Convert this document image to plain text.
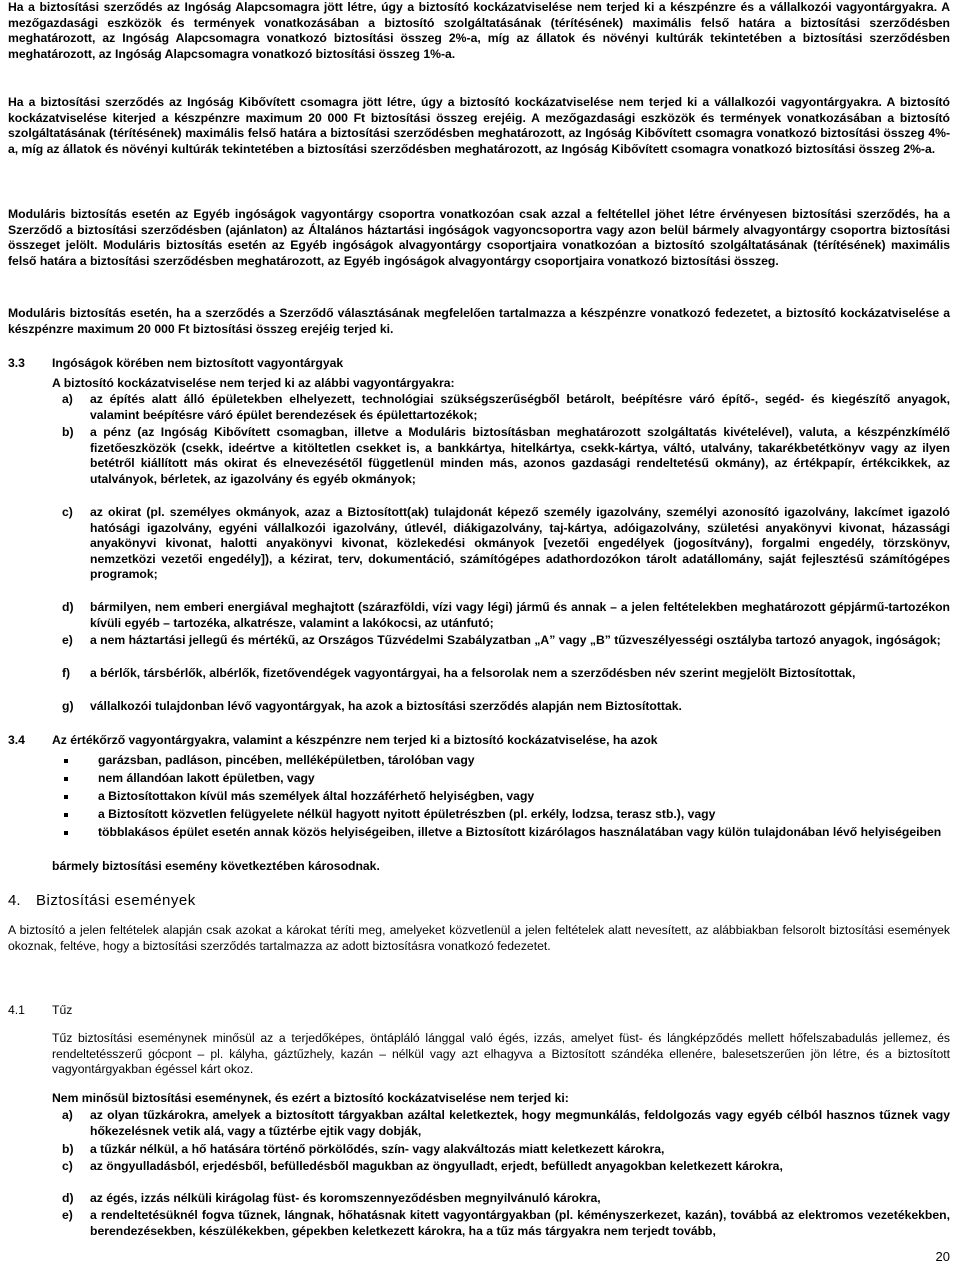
Ha a biztosítási szerződés az Ingóság Alapcsomagra jött létre, úgy a biztosító kockázatviselése nem terjed ki a készpénzre és a vállalkozói vagyontárgyakra. A mezőgazdasági eszközök és termények vonatkozásában a biztosító szolgáltatásának (térítésének) maximális felső határa a biztosítási szerződésben meghatározott, az Ingóság Alapcsomagra vonatkozó biztosítási összeg 2%-a, míg az állatok és növényi kultúrák tekintetében a biztosítási szerződésben meghatározott, az Ingóság Alapcsomagra vonatkozó biztosítási összeg 1%-a.
Ha a biztosítási szerződés az Ingóság Kibővített csomagra jött létre, úgy a biztosító kockázatviselése nem terjed ki a vállalkozói vagyontárgyakra. A biztosító kockázatviselése kiterjed a készpénzre maximum 20 000 Ft biztosítási összeg erejéig. A mezőgazdasági eszközök és termények vonatkozásában a biztosító szolgáltatásának (térítésének) maximális felső határa a biztosítási szerződésben meghatározott, az Ingóság Kibővített csomagra vonatkozó biztosítási összeg 4%-a, míg az állatok és növényi kultúrák tekintetében a biztosítási szerződésben meghatározott, az Ingóság Kibővített csomagra vonatkozó biztosítási összeg 2%-a.
Moduláris biztosítás esetén az Egyéb ingóságok vagyontárgy csoportra vonatkozóan csak azzal a feltétellel jöhet létre érvényesen biztosítási szerződés, ha a Szerződő a biztosítási szerződésben (ajánlaton) az Általános háztartási ingóságok vagyoncsoportra vagy azon belül bármely alvagyontárgy csoportra biztosítási összeget jelölt. Moduláris biztosítás esetén az Egyéb ingóságok alvagyontárgy csoportjaira vonatkozóan a biztosító szolgáltatásának (térítésének) maximális felső határa a biztosítási szerződésben meghatározott, az Egyéb ingóságok alvagyontárgy csoportjaira vonatkozó biztosítási összeg.
Moduláris biztosítás esetén, ha a szerződés a Szerződő választásának megfelelően tartalmazza a készpénzre vonatkozó fedezetet, a biztosító kockázatviselése a készpénzre maximum 20 000 Ft biztosítási összeg erejéig terjed ki.
3.3 Ingóságok körében nem biztosított vagyontárgyak
A biztosító kockázatviselése nem terjed ki az alábbi vagyontárgyakra:
a) az építés alatt álló épületekben elhelyezett, technológiai szükségszerűségből betárolt, beépítésre váró építő-, segéd- és kiegészítő anyagok, valamint beépítésre váró épület berendezések és épülettartozékok;
b) a pénz (az Ingóság Kibővített csomagban, illetve a Moduláris biztosításban meghatározott szolgáltatás kivételével), valuta, a készpénzkímélő fizetőeszközök (csekk, ideértve a kitöltetlen csekket is, a bankkártya, hitelkártya, csekk-kártya, váltó, utalvány, takarékbetétkönyv vagy az ilyen betétről kiállított más okirat és elnevezésétől függetlenül minden más, azonos gazdasági rendeltetésű okmány), az értékpapír, értékcikkek, az utalványok, bérletek, az igazolvány és egyéb okmányok;
c) az okirat (pl. személyes okmányok, azaz a Biztosított(ak) tulajdonát képező személy igazolvány, személyi azonosító igazolvány, lakcímet igazoló hatósági igazolvány, egyéni vállalkozói igazolvány, útlevél, diákigazolvány, taj-kártya, adóigazolvány, születési anyakönyvi kivonat, házassági anyakönyvi kivonat, halotti anyakönyvi kivonat, közlekedési okmányok [vezetői engedélyek (jogosítvány), forgalmi engedély, törzskönyv, nemzetközi vezetői engedély]), a kézirat, terv, dokumentáció, számítógépes adathordozókon tárolt adatállomány, saját fejlesztésű számítógépes programok;
d) bármilyen, nem emberi energiával meghajtott (szárazföldi, vízi vagy légi) jármű és annak – a jelen feltételekben meghatározott gépjármű-tartozékon kívüli egyéb – tartozéka, alkatrésze, valamint a lakókocsi, az utánfutó;
e) a nem háztartási jellegű és mértékű, az Országos Tűzvédelmi Szabályzatban „A” vagy „B” tűzveszélyességi osztályba tartozó anyagok, ingóságok;
f) a bérlők, társbérlők, albérlők, fizetővendégek vagyontárgyai, ha a felsorolak nem a szerződésben név szerint megjelölt Biztosítottak,
g) vállalkozói tulajdonban lévő vagyontárgyak, ha azok a biztosítási szerződés alapján nem Biztosítottak.
3.4 Az értékőrző vagyontárgyakra, valamint a készpénzre nem terjed ki a biztosító kockázatviselése, ha azok
garázsban, padláson, pincében, melléképületben, tárolóban vagy
nem állandóan lakott épületben, vagy
a Biztosítottakon kívül más személyek által hozzáférhető helyiségben, vagy
a Biztosított közvetlen felügyelete nélkül hagyott nyitott épületrészben (pl. erkély, lodzsa, terasz stb.), vagy
többlakásos épület esetén annak közös helyiségeiben, illetve a Biztosított kizárólagos használatában vagy külön tulajdonában lévő helyiségeiben
bármely biztosítási esemény következtében károsodnak.
4. Biztosítási események
A biztosító a jelen feltételek alapján csak azokat a károkat téríti meg, amelyeket közvetlenül a jelen feltételek alatt nevesített, az alábbiakban felsorolt biztosítási események okoznak, feltéve, hogy a biztosítási szerződés tartalmazza az adott biztosításra vonatkozó fedezetet.
4.1 Tűz
Tűz biztosítási eseménynek minősül az a terjedőképes, öntápláló lánggal való égés, izzás, amelyet füst- és lángképződés mellett hőfelszabadulás jellemez, és rendeltetésszerű gócpont – pl. kályha, gáztűzhely, kazán – nélkül vagy azt elhagyva a Biztosított szándéka ellenére, balesetszerűen jön létre, és a biztosított vagyontárgyakban égéssel kárt okoz.
Nem minősül biztosítási eseménynek, és ezért a biztosító kockázatviselése nem terjed ki:
a) az olyan tűzkárokra, amelyek a biztosított tárgyakban azáltal keletkeztek, hogy megmunkálás, feldolgozás vagy egyéb célból hasznos tűznek vagy hőkezelésnek vetik alá, vagy a tűztérbe ejtik vagy dobják,
b) a tűzkár nélkül, a hő hatására történő pörkölődés, szín- vagy alakváltozás miatt keletkezett károkra,
c) az öngyulladásból, erjedésből, befülledésből magukban az öngyulladt, erjedt, befülledt anyagokban keletkezett károkra,
d) az égés, izzás nélküli kirágolag füst- és koromszennyeződésben megnyilvánuló károkra,
e) a rendeltetésüknél fogva tűznek, lángnak, hőhatásnak kitett vagyontárgyakban (pl. kéményszerkezet, kazán), továbbá az elektromos vezetékekben, berendezésekben, készülékekben, gépekben keletkezett károkra, ha a tűz más tárgyakra nem terjedt tovább,
20
